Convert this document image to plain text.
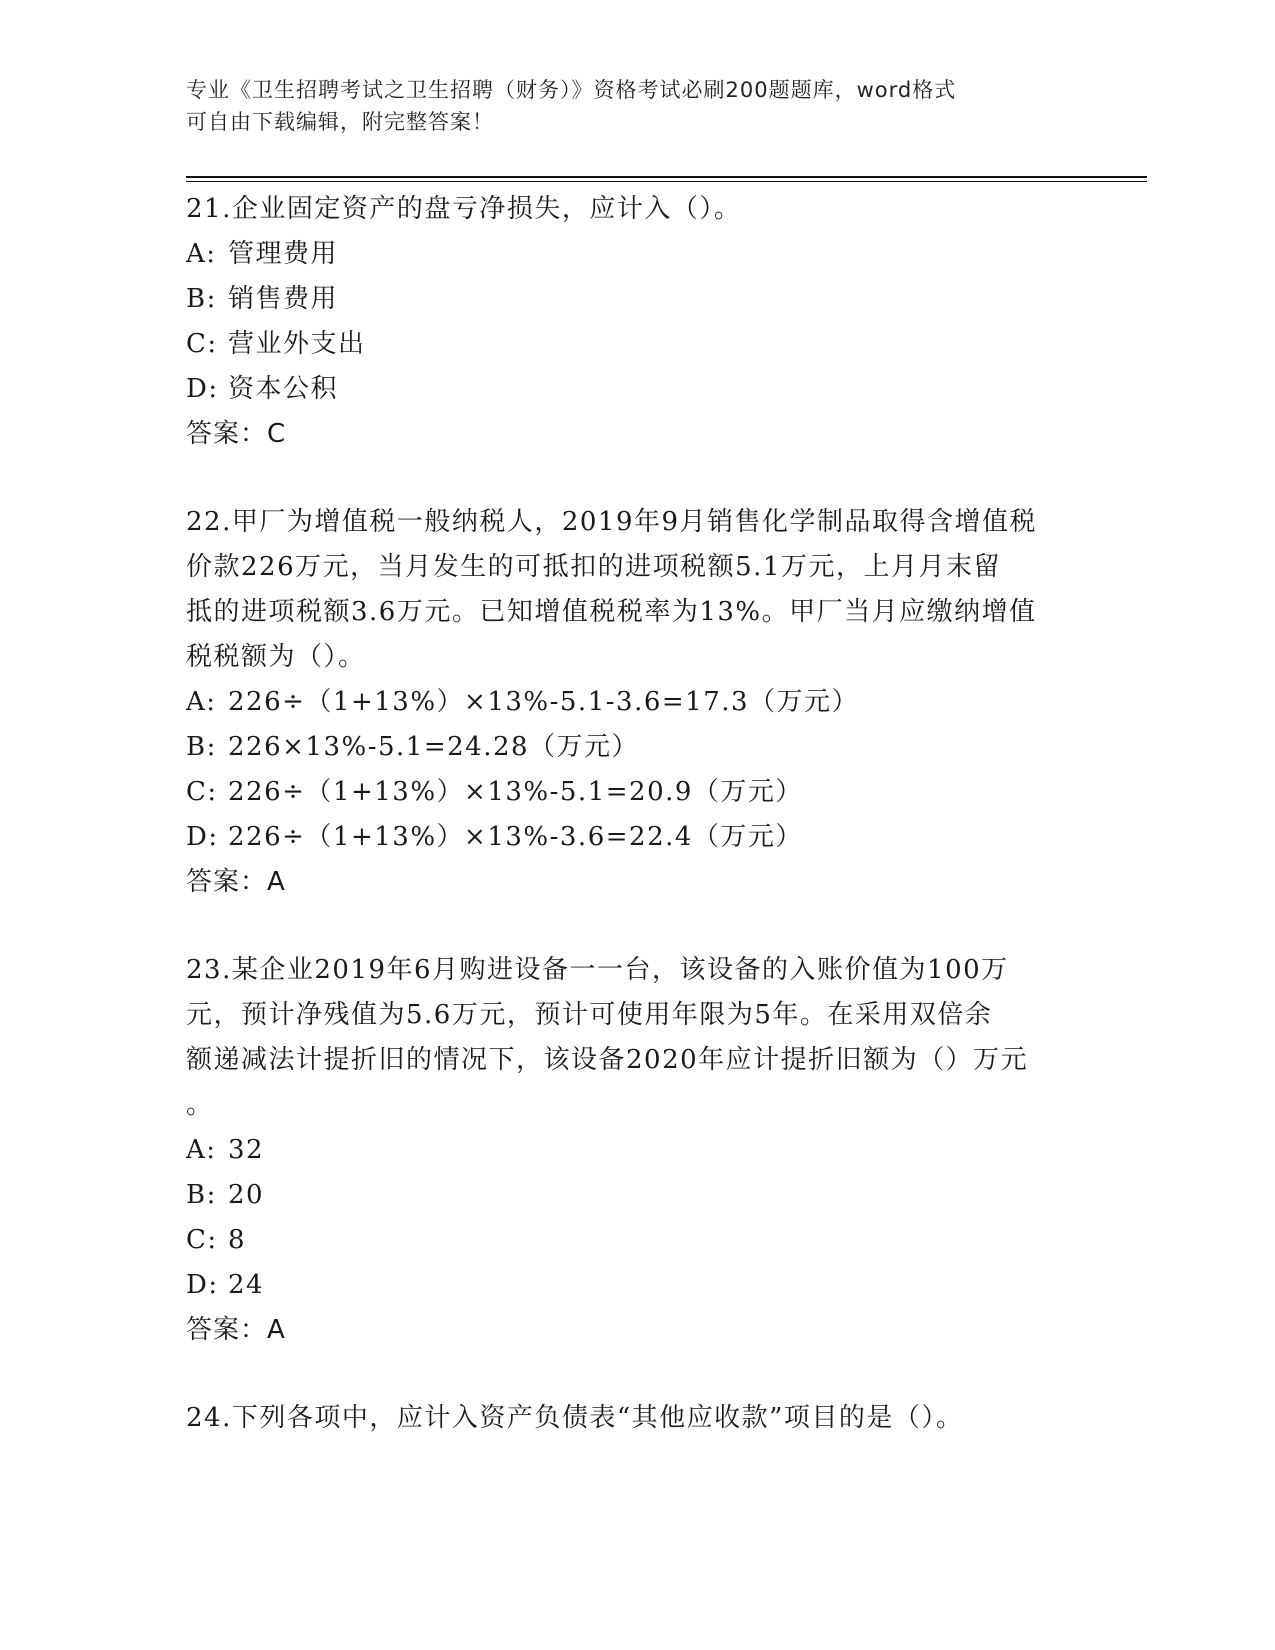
专业《卫生招聘考试之卫生招聘（财务）》资格考试必刷200题题库，word格式

可自由下载编辑，附完整答案！

21.企业固定资产的盘亏净损失，应计入（）。

A: 管理费用

B: 销售费用

C: 营业外支出

D: 资本公积

答案：C

22.甲厂为增值税一般纳税人，2019年9月销售化学制品取得含增值税

价款226万元，当月发生的可抵扣的进项税额5.1万元，上月月末留

抵的进项税额3.6万元。已知增值税税率为13%。甲厂当月应缴纳增值

税税额为（）。

A: 226÷（1+13%）×13%-5.1-3.6=17.3（万元）

B: 226×13%-5.1=24.28（万元）

C: 226÷（1+13%）×13%-5.1=20.9（万元）

D: 226÷（1+13%）×13%-3.6=22.4（万元）

答案：A

23.某企业2019年6月购进设备一一台，该设备的入账价值为100万

元，预计净残值为5.6万元，预计可使用年限为5年。在采用双倍余

额递减法计提折旧的情况下，该设备2020年应计提折旧额为（）万元

。

A: 32

B: 20

C: 8

D: 24

答案：A

24.下列各项中，应计入资产负债表“其他应收款”项目的是（）。
